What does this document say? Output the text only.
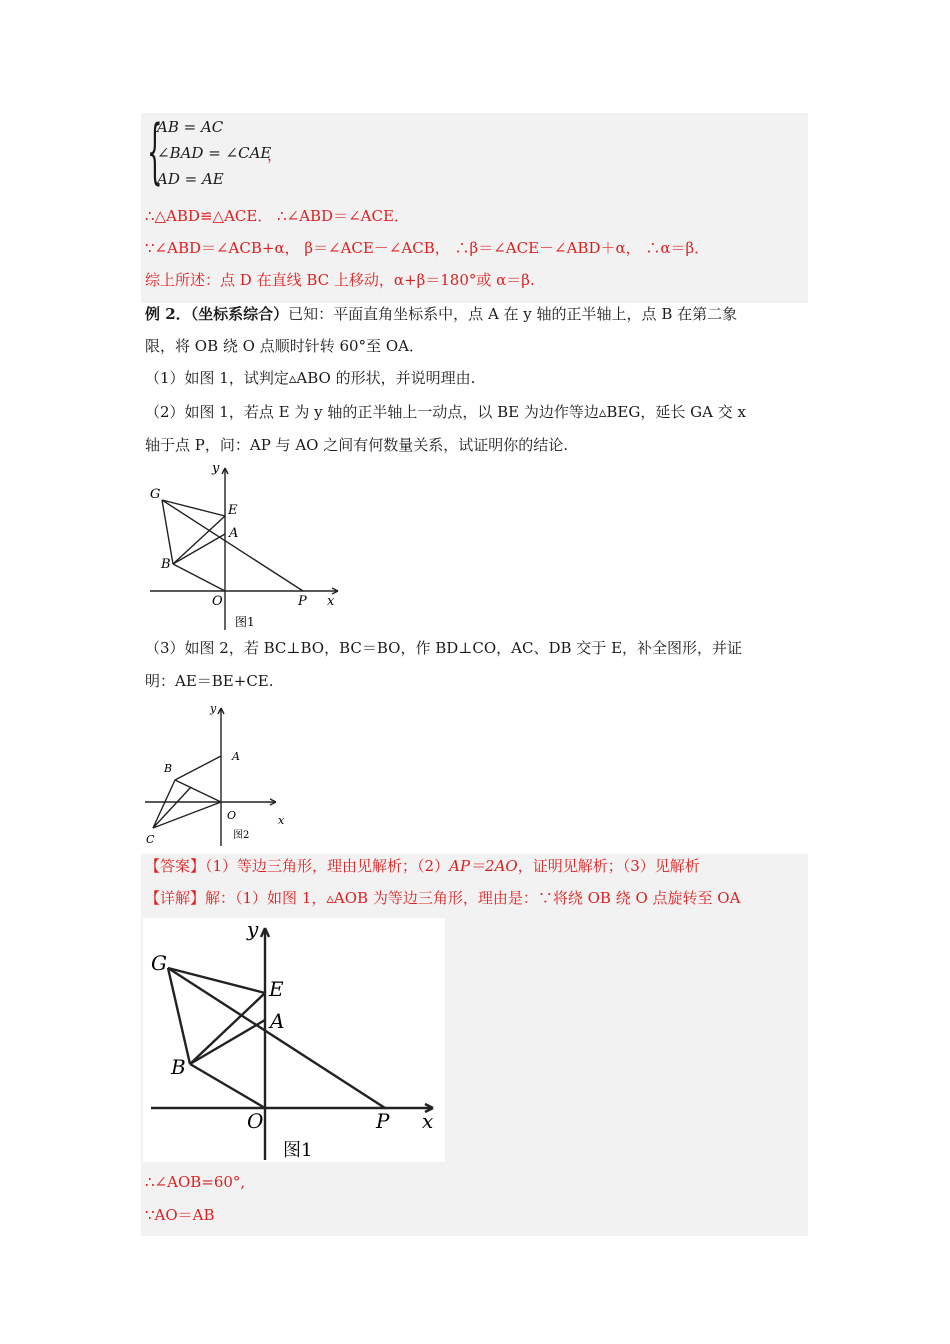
{
AB = AC
∠BAD = ∠CAE
，
AD = AE
∴△ABD≌△ACE． ∴∠ABD＝∠ACE．
∵∠ABD＝∠ACB+α， β＝∠ACE－∠ACB， ∴β＝∠ACE－∠ABD＋α， ∴α＝β．
综上所述：点 D 在直线 BC 上移动，α+β＝180°或 α＝β.
例 2．（坐标系综合）已知：平面直角坐标系中，点 A 在 y 轴的正半轴上，点 B 在第二象
限，将 OB 绕 O 点顺时针转 60°至 OA．
（1）如图 1，试判定▵ABO 的形状，并说明理由.
（2）如图 1，若点 E 为 y 轴的正半轴上一动点，以 BE 为边作等边▵BEG，延长 GA 交 x
轴于点 P，问：AP 与 AO 之间有何数量关系，试证明你的结论.
G
E
A
B
O	P x
y
图1
（3）如图 2，若 BC⊥BO，BC＝BO，作 BD⊥CO，AC、DB 交于 E，补全图形，并证
明：AE＝BE+CE.
y
A
B
O
C
x
图2
【答案】（1）等边三角形，理由见解析；（2）AP＝2AO，证明见解析；（3）见解析
【详解】解：（1）如图 1，▵AOB 为等边三角形，理由是：∵将绕 OB 绕 O 点旋转至 OA
G
E
A
B
O	P x
y
图1
∴∠AOB=60°,
∵AO＝AB
